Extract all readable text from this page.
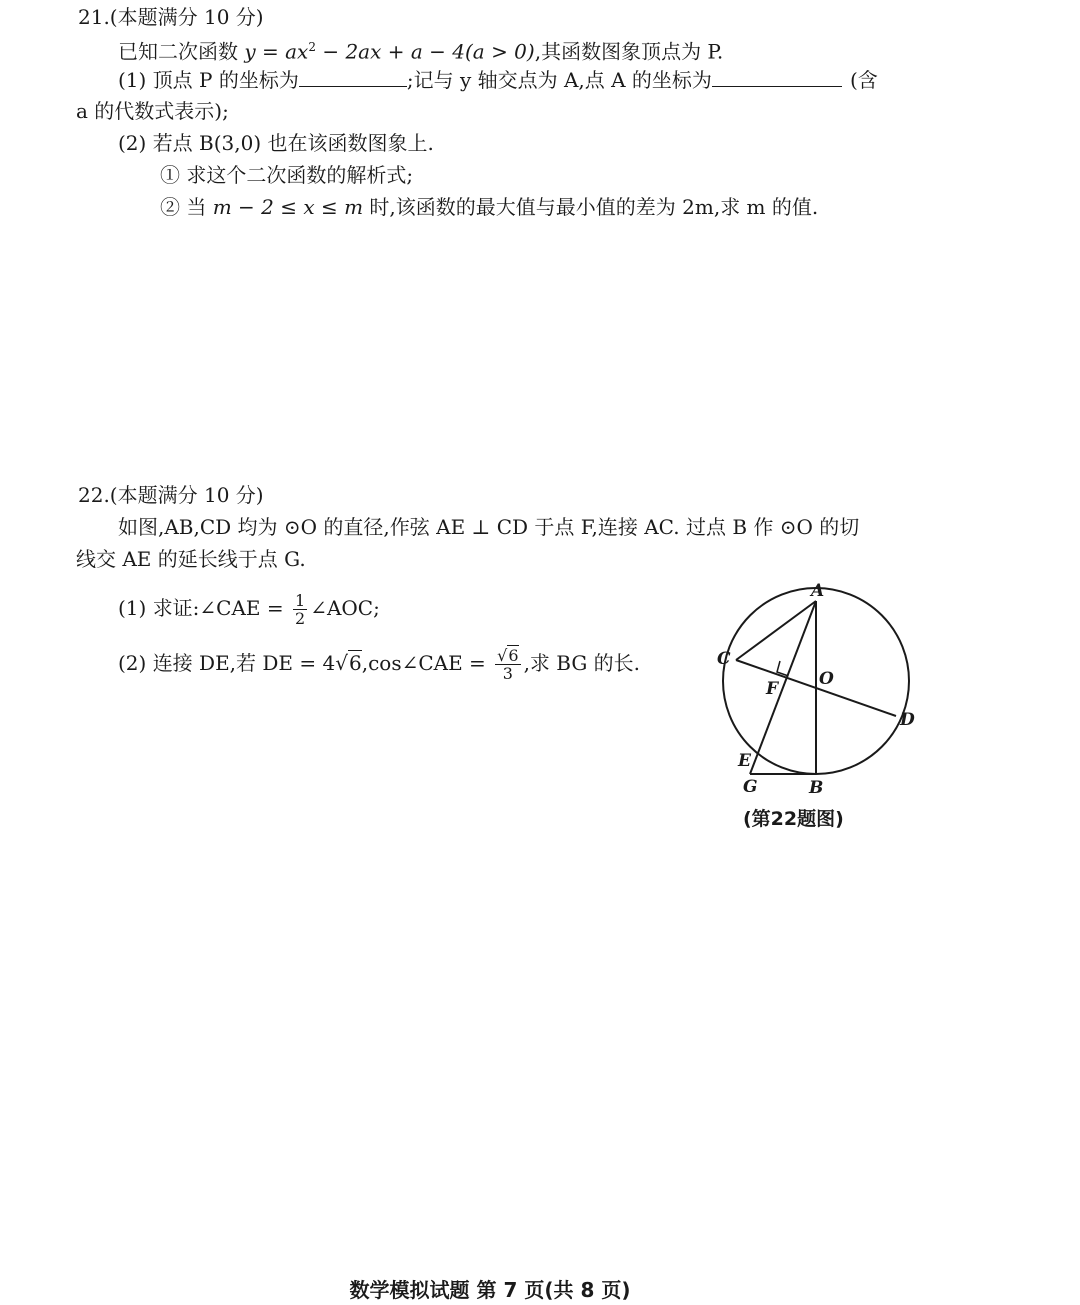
21.(本题满分 10 分)
已知二次函数 $y = ax^2 - 2ax + a - 4(a > 0)$,其函数图象顶点为 P.
(1) 顶点 P 的坐标为	;记与 y 轴交点为 A,点 A 的坐标为	(含
a 的代数式表示);
(2) 若点 B(3,0) 也在该函数图象上.
① 求这个二次函数的解析式;
② 当 m − 2 ≤ x ≤ m 时,该函数的最大值与最小值的差为 2m,求 m 的值.
22.(本题满分 10 分)
如图,AB,CD 均为 ⊙O 的直径,作弦 AE ⊥ CD 于点 F,连接 AC. 过点 B 作 ⊙O 的切
线交 AE 的延长线于点 G.
(1) 求证:∠CAE = $\frac{1}{2}$ ∠AOC;
(2) 连接 DE,若 DE = 4√6,cos∠CAE = $\frac{√6}{3}$ ,求 BG 的长.
A
C
F O
D
E
G	B
(第22题图)
数学模拟试题 第 7 页(共 8 页)
